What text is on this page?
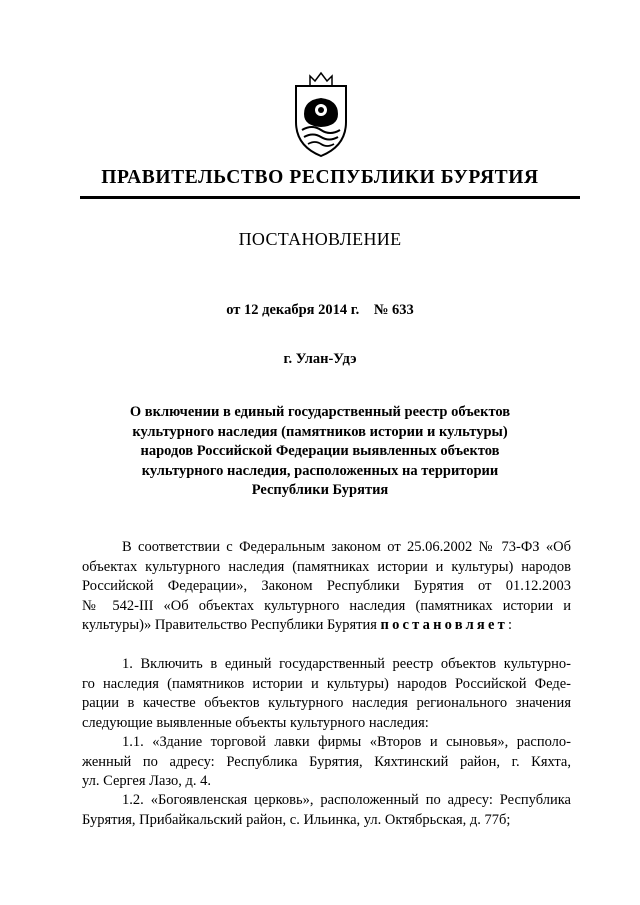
ПРАВИТЕЛЬСТВО РЕСПУБЛИКИ БУРЯТИЯ
ПОСТАНОВЛЕНИЕ
от 12 декабря 2014 г. № 633
г. Улан-Удэ
О включении в единый государственный реестр объектов
культурного наследия (памятников истории и культуры)
народов Российской Федерации выявленных объектов
культурного наследия, расположенных на территории
Республики Бурятия
В соответствии с Федеральным законом от 25.06.2002 № 73-ФЗ «Об
объектах культурного наследия (памятниках истории и культуры) народов
Российской Федерации», Законом Республики Бурятия от 01.12.2003
№ 542-III «Об объектах культурного наследия (памятниках истории и
культуры)» Правительство Республики Бурятия постановляет:
1. Включить в единый государственный реестр объектов культурно-
го наследия (памятников истории и культуры) народов Российской Феде-
рации в качестве объектов культурного наследия регионального значения
следующие выявленные объекты культурного наследия:
1.1. «Здание торговой лавки фирмы «Второв и сыновья», располо-
женный по адресу: Республика Бурятия, Кяхтинский район, г. Кяхта,
ул. Сергея Лазо, д. 4.
1.2. «Богоявленская церковь», расположенный по адресу: Республика
Бурятия, Прибайкальский район, с. Ильинка, ул. Октябрьская, д. 77б;
